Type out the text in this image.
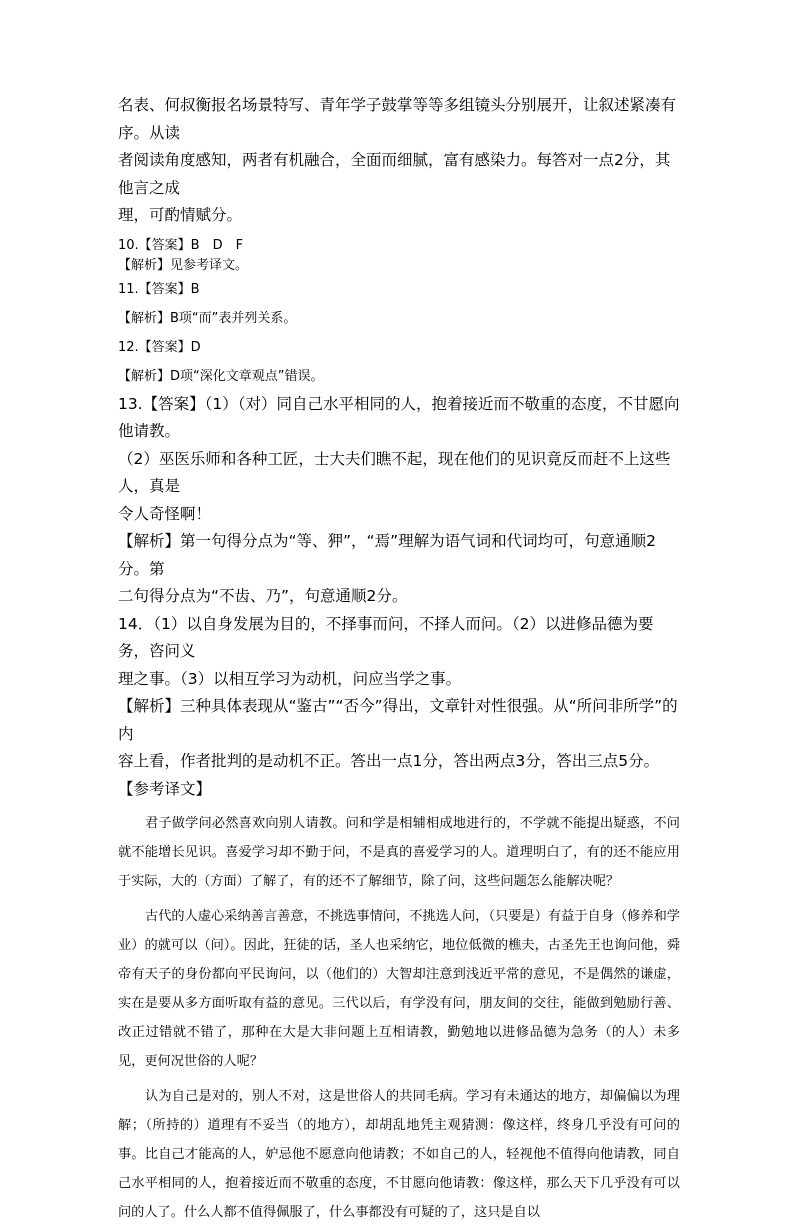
名表、何叔衡报名场景特写、青年学子鼓掌等等多组镜头分别展开，让叙述紧凑有序。从读

者阅读角度感知，两者有机融合，全面而细腻，富有感染力。每答对一点2分，其他言之成

理，可酌情赋分。

10.【答案】B　D　F

【解析】见参考译文。

11.【答案】B

【解析】B项“而”表并列关系。

12.【答案】D

【解析】D项“深化文章观点”错误。

13.【答案】（1）（对）同自己水平相同的人，抱着接近而不敬重的态度，不甘愿向他请教。

（2）巫医乐师和各种工匠，士大夫们瞧不起，现在他们的见识竟反而赶不上这些人，真是

令人奇怪啊！

【解析】第一句得分点为“等、狎”，“焉”理解为语气词和代词均可，句意通顺2分。第

二句得分点为“不齿、乃”，句意通顺2分。

14．（1）以自身发展为目的，不择事而问，不择人而问。（2）以进修品德为要务，咨问义

理之事。（3）以相互学习为动机，问应当学之事。

【解析】三种具体表现从“鉴古”“否今”得出，文章针对性很强。从“所问非所学”的内

容上看，作者批判的是动机不正。答出一点1分，答出两点3分，答出三点5分。

【参考译文】

君子做学问必然喜欢向别人请教。问和学是相辅相成地进行的，不学就不能提出疑惑，不问就不能增长见识。喜爱学习却不勤于问，不是真的喜爱学习的人。道理明白了，有的还不能应用于实际，大的（方面）了解了，有的还不了解细节，除了问，这些问题怎么能解决呢？

古代的人虚心采纳善言善意，不挑选事情问，不挑选人问，（只要是）有益于自身（修养和学业）的就可以（问）。因此，狂徒的话，圣人也采纳它，地位低微的樵夫，古圣先王也询问他，舜帝有天子的身份都向平民询问，以（他们的）大智却注意到浅近平常的意见，不是偶然的谦虚，实在是要从多方面听取有益的意见。三代以后，有学没有问，朋友间的交往，能做到勉励行善、改正过错就不错了，那种在大是大非问题上互相请教，勤勉地以进修品德为急务（的人）未多见，更何况世俗的人呢？

认为自己是对的，别人不对，这是世俗人的共同毛病。学习有未通达的地方，却偏偏以为理解；（所持的）道理有不妥当（的地方），却胡乱地凭主观猜测：像这样，终身几乎没有可问的事。比自己才能高的人，妒忌他不愿意向他请教；不如自己的人，轻视他不值得向他请教，同自己水平相同的人，抱着接近而不敬重的态度，不甘愿向他请教：像这样，那么天下几乎没有可以问的人了。什么人都不值得佩服了，什么事都没有可疑的了，这只是自以
